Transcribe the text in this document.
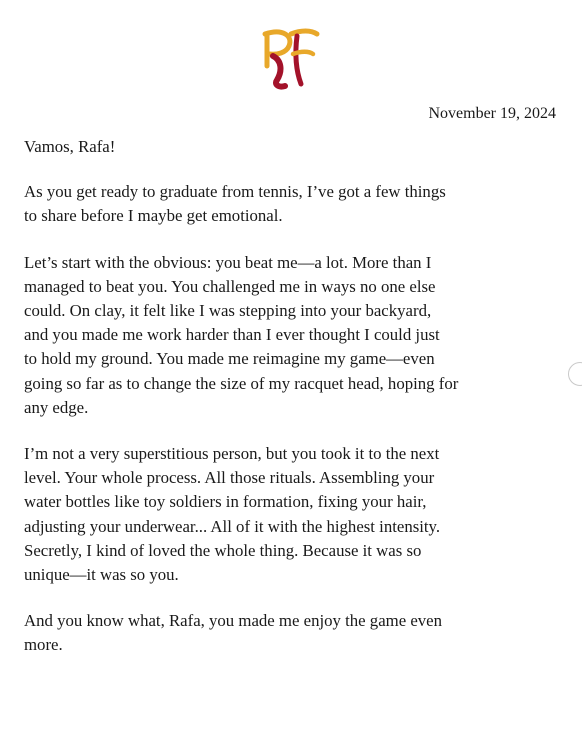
November 19, 2024

Vamos, Rafa!

As you get ready to graduate from tennis, I’ve got a few things
to share before I maybe get emotional.

Let’s start with the obvious: you beat me—a lot. More than I
managed to beat you. You challenged me in ways no one else
could. On clay, it felt like I was stepping into your backyard,
and you made me work harder than I ever thought I could just
to hold my ground. You made me reimagine my game—even
going so far as to change the size of my racquet head, hoping for
any edge.

I’m not a very superstitious person, but you took it to the next
level. Your whole process. All those rituals. Assembling your
water bottles like toy soldiers in formation, fixing your hair,
adjusting your underwear... All of it with the highest intensity.
Secretly, I kind of loved the whole thing. Because it was so
unique—it was so you.

And you know what, Rafa, you made me enjoy the game even
more.
